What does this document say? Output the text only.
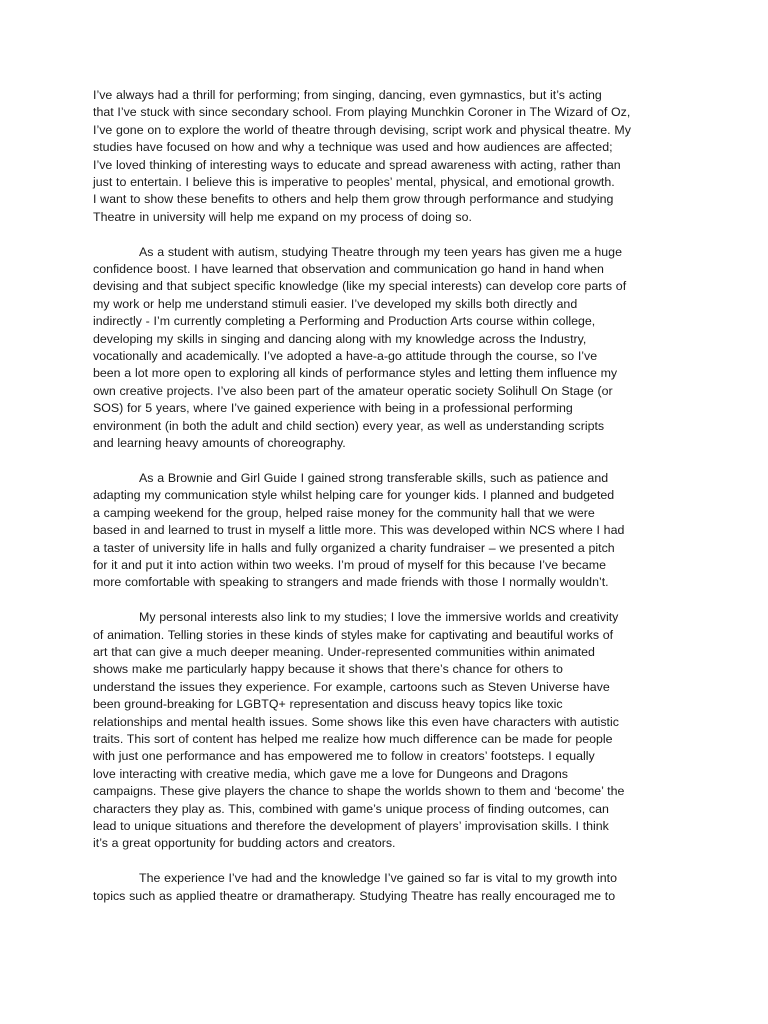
I’ve always had a thrill for performing; from singing, dancing, even gymnastics, but it’s acting
that I’ve stuck with since secondary school. From playing Munchkin Coroner in The Wizard of Oz,
I’ve gone on to explore the world of theatre through devising, script work and physical theatre. My
studies have focused on how and why a technique was used and how audiences are affected;
I’ve loved thinking of interesting ways to educate and spread awareness with acting, rather than
just to entertain. I believe this is imperative to peoples’ mental, physical, and emotional growth.
I want to show these benefits to others and help them grow through performance and studying
Theatre in university will help me expand on my process of doing so.

As a student with autism, studying Theatre through my teen years has given me a huge
confidence boost. I have learned that observation and communication go hand in hand when
devising and that subject specific knowledge (like my special interests) can develop core parts of
my work or help me understand stimuli easier. I’ve developed my skills both directly and
indirectly - I’m currently completing a Performing and Production Arts course within college,
developing my skills in singing and dancing along with my knowledge across the Industry,
vocationally and academically. I’ve adopted a have-a-go attitude through the course, so I’ve
been a lot more open to exploring all kinds of performance styles and letting them influence my
own creative projects. I’ve also been part of the amateur operatic society Solihull On Stage (or
SOS) for 5 years, where I’ve gained experience with being in a professional performing
environment (in both the adult and child section) every year, as well as understanding scripts
and learning heavy amounts of choreography.

As a Brownie and Girl Guide I gained strong transferable skills, such as patience and
adapting my communication style whilst helping care for younger kids. I planned and budgeted
a camping weekend for the group, helped raise money for the community hall that we were
based in and learned to trust in myself a little more. This was developed within NCS where I had
a taster of university life in halls and fully organized a charity fundraiser – we presented a pitch
for it and put it into action within two weeks. I’m proud of myself for this because I’ve became
more comfortable with speaking to strangers and made friends with those I normally wouldn’t.

My personal interests also link to my studies; I love the immersive worlds and creativity
of animation. Telling stories in these kinds of styles make for captivating and beautiful works of
art that can give a much deeper meaning. Under-represented communities within animated
shows make me particularly happy because it shows that there’s chance for others to
understand the issues they experience. For example, cartoons such as Steven Universe have
been ground-breaking for LGBTQ+ representation and discuss heavy topics like toxic
relationships and mental health issues. Some shows like this even have characters with autistic
traits. This sort of content has helped me realize how much difference can be made for people
with just one performance and has empowered me to follow in creators’ footsteps. I equally
love interacting with creative media, which gave me a love for Dungeons and Dragons
campaigns. These give players the chance to shape the worlds shown to them and ‘become’ the
characters they play as. This, combined with game’s unique process of finding outcomes, can
lead to unique situations and therefore the development of players’ improvisation skills. I think
it’s a great opportunity for budding actors and creators.

The experience I’ve had and the knowledge I’ve gained so far is vital to my growth into
topics such as applied theatre or dramatherapy. Studying Theatre has really encouraged me to
